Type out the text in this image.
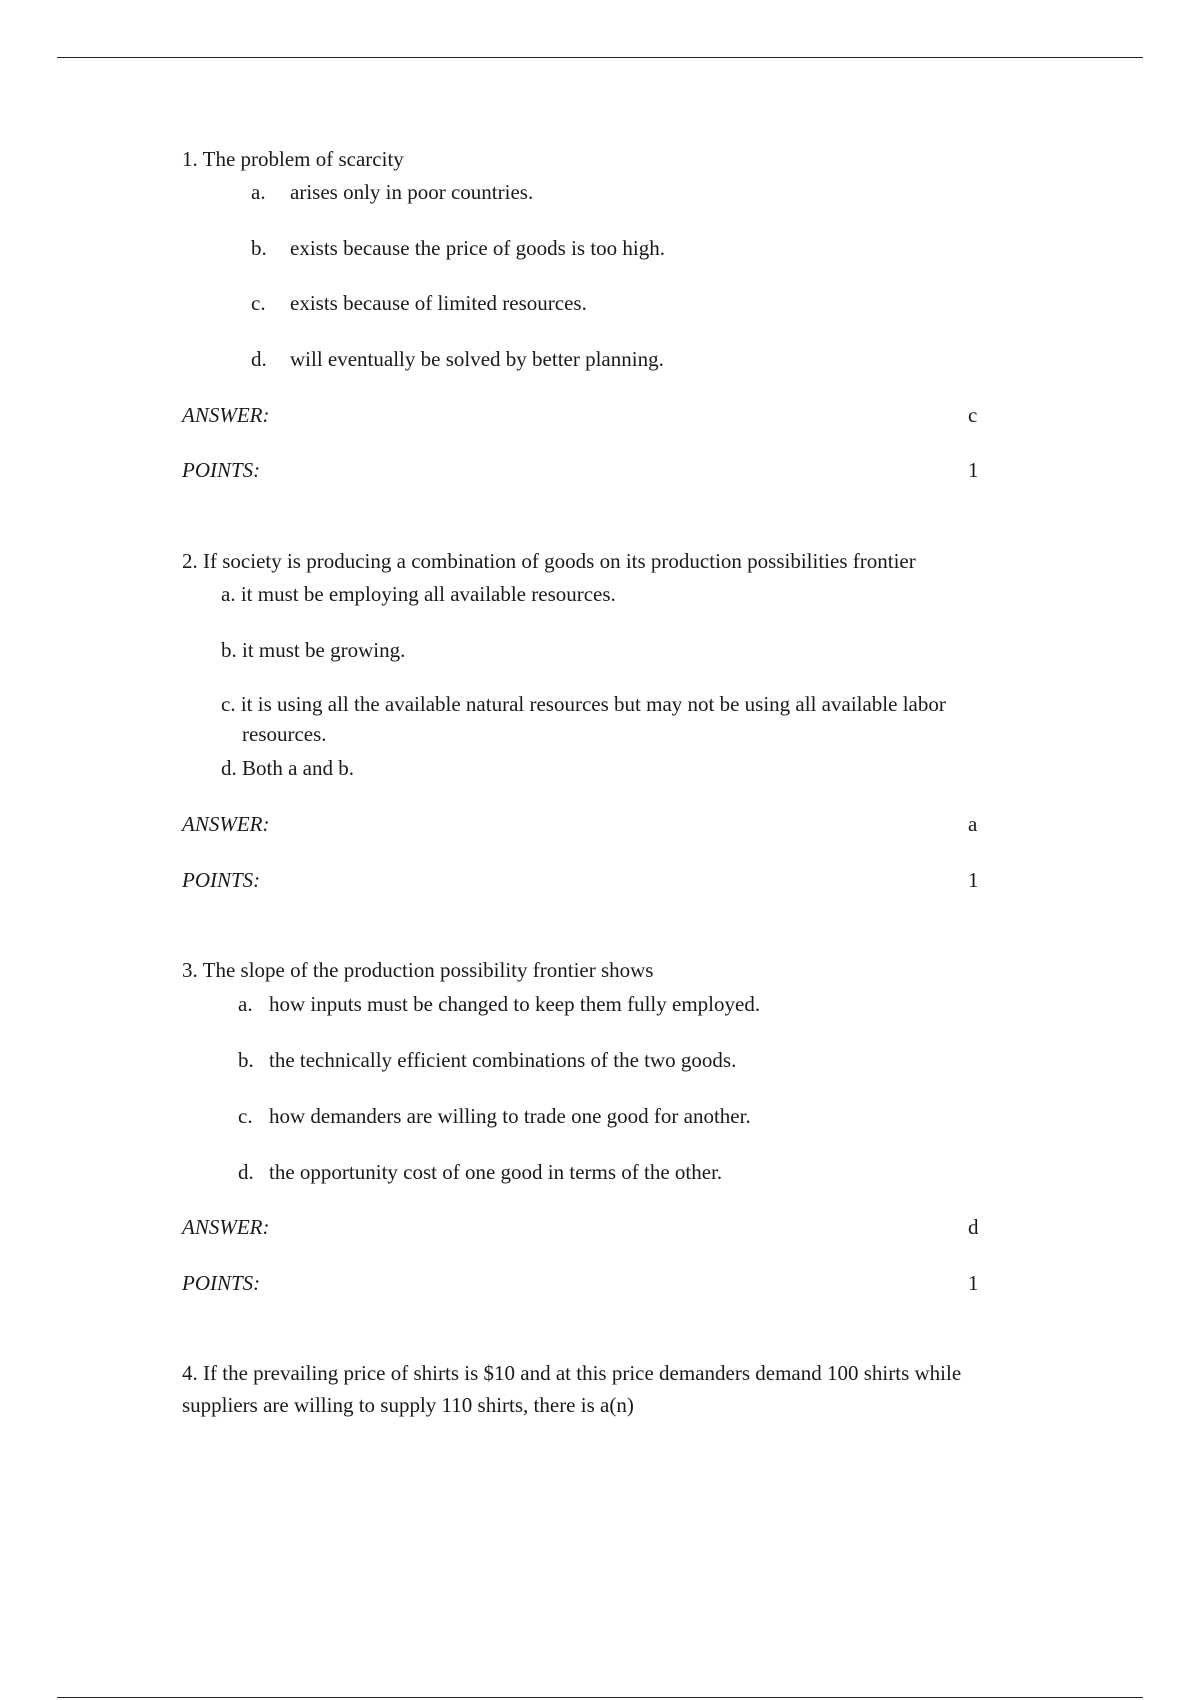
1. The problem of scarcity

a. arises only in poor countries.
b. exists because the price of goods is too high.
c. exists because of limited resources.
d. will eventually be solved by better planning.
ANSWER:	c
POINTS:	1

2. If society is producing a combination of goods on its production possibilities frontier

a. it must be employing all available resources.
b. it must be growing.
c. it is using all the available natural resources but may not be using all available labor
resources.
d. Both a and b.
ANSWER:	a
POINTS:	1

3. The slope of the production possibility frontier shows

a. how inputs must be changed to keep them fully employed.
b. the technically efficient combinations of the two goods.
c. how demanders are willing to trade one good for another.
d. the opportunity cost of one good in terms of the other.
ANSWER:	d
POINTS:	1

4. If the prevailing price of shirts is $10 and at this price demanders demand 100 shirts while

suppliers are willing to supply 110 shirts, there is a(n)
